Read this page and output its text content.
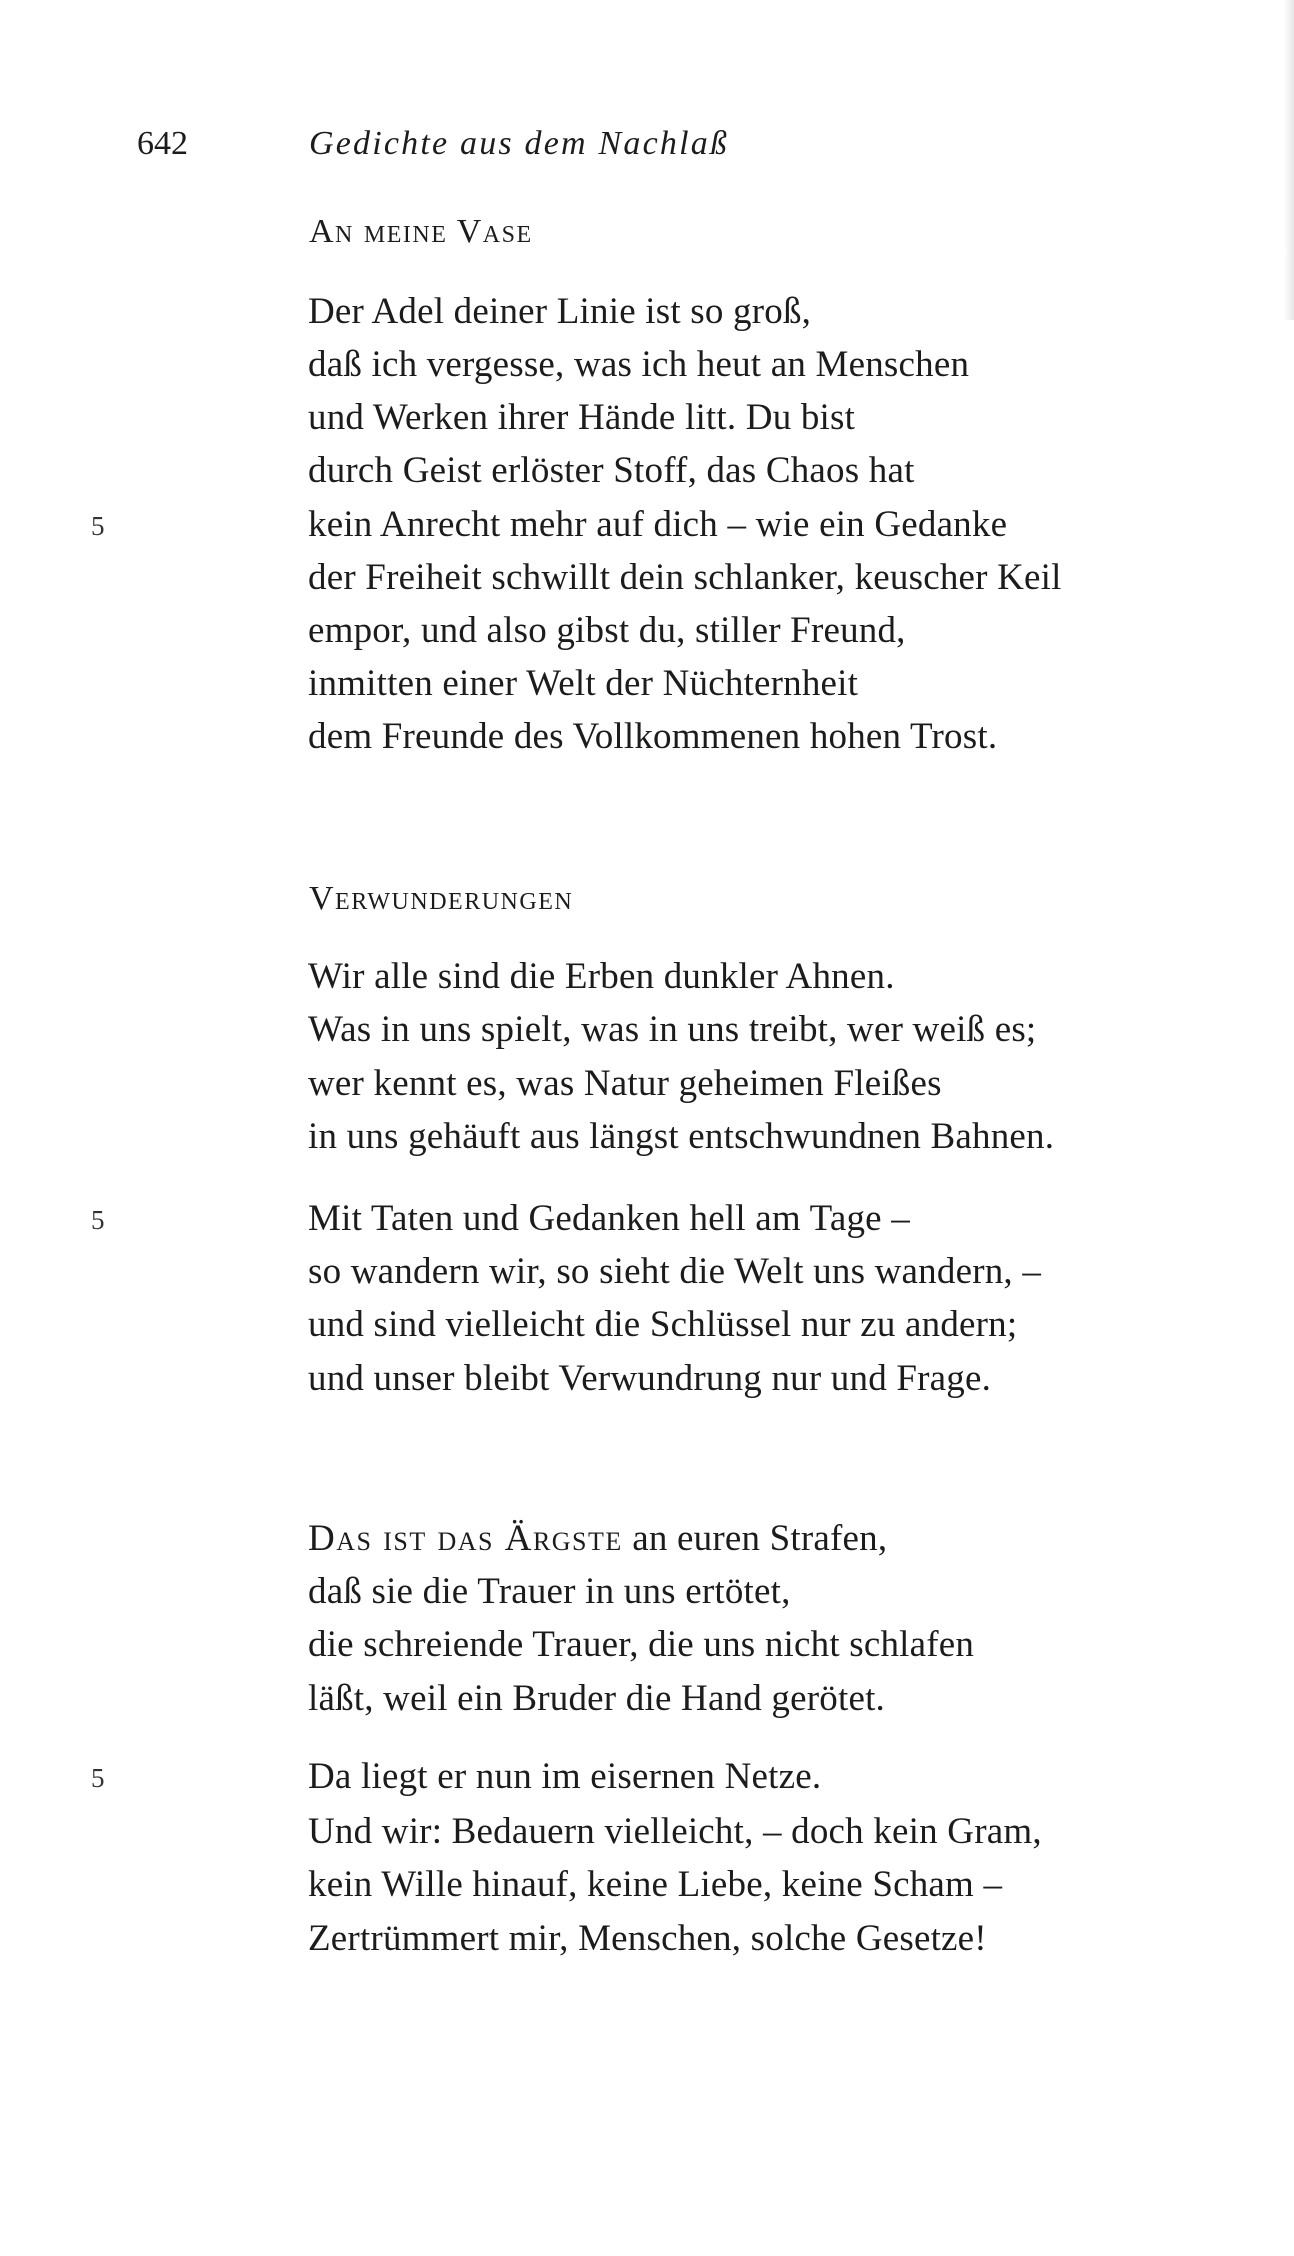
642	Gedichte aus dem Nachlaß
An meine Vase
Der Adel deiner Linie ist so groß,
daß ich vergesse, was ich heut an Menschen
und Werken ihrer Hände litt. Du bist
durch Geist erlöster Stoff, das Chaos hat
5	kein Anrecht mehr auf dich – wie ein Gedanke
der Freiheit schwillt dein schlanker, keuscher Keil
empor, und also gibst du, stiller Freund,
inmitten einer Welt der Nüchternheit
dem Freunde des Vollkommenen hohen Trost.
Verwunderungen
Wir alle sind die Erben dunkler Ahnen.
Was in uns spielt, was in uns treibt, wer weiß es;
wer kennt es, was Natur geheimen Fleißes
in uns gehäuft aus längst entschwundnen Bahnen.
5	Mit Taten und Gedanken hell am Tage –
so wandern wir, so sieht die Welt uns wandern, –
und sind vielleicht die Schlüssel nur zu andern;
und unser bleibt Verwundrung nur und Frage.
Das ist das Ärgste an euren Strafen,
daß sie die Trauer in uns ertötet,
die schreiende Trauer, die uns nicht schlafen
läßt, weil ein Bruder die Hand gerötet.
5	Da liegt er nun im eisernen Netze.
Und wir: Bedauern vielleicht, – doch kein Gram,
kein Wille hinauf, keine Liebe, keine Scham –
Zertrümmert mir, Menschen, solche Gesetze!
